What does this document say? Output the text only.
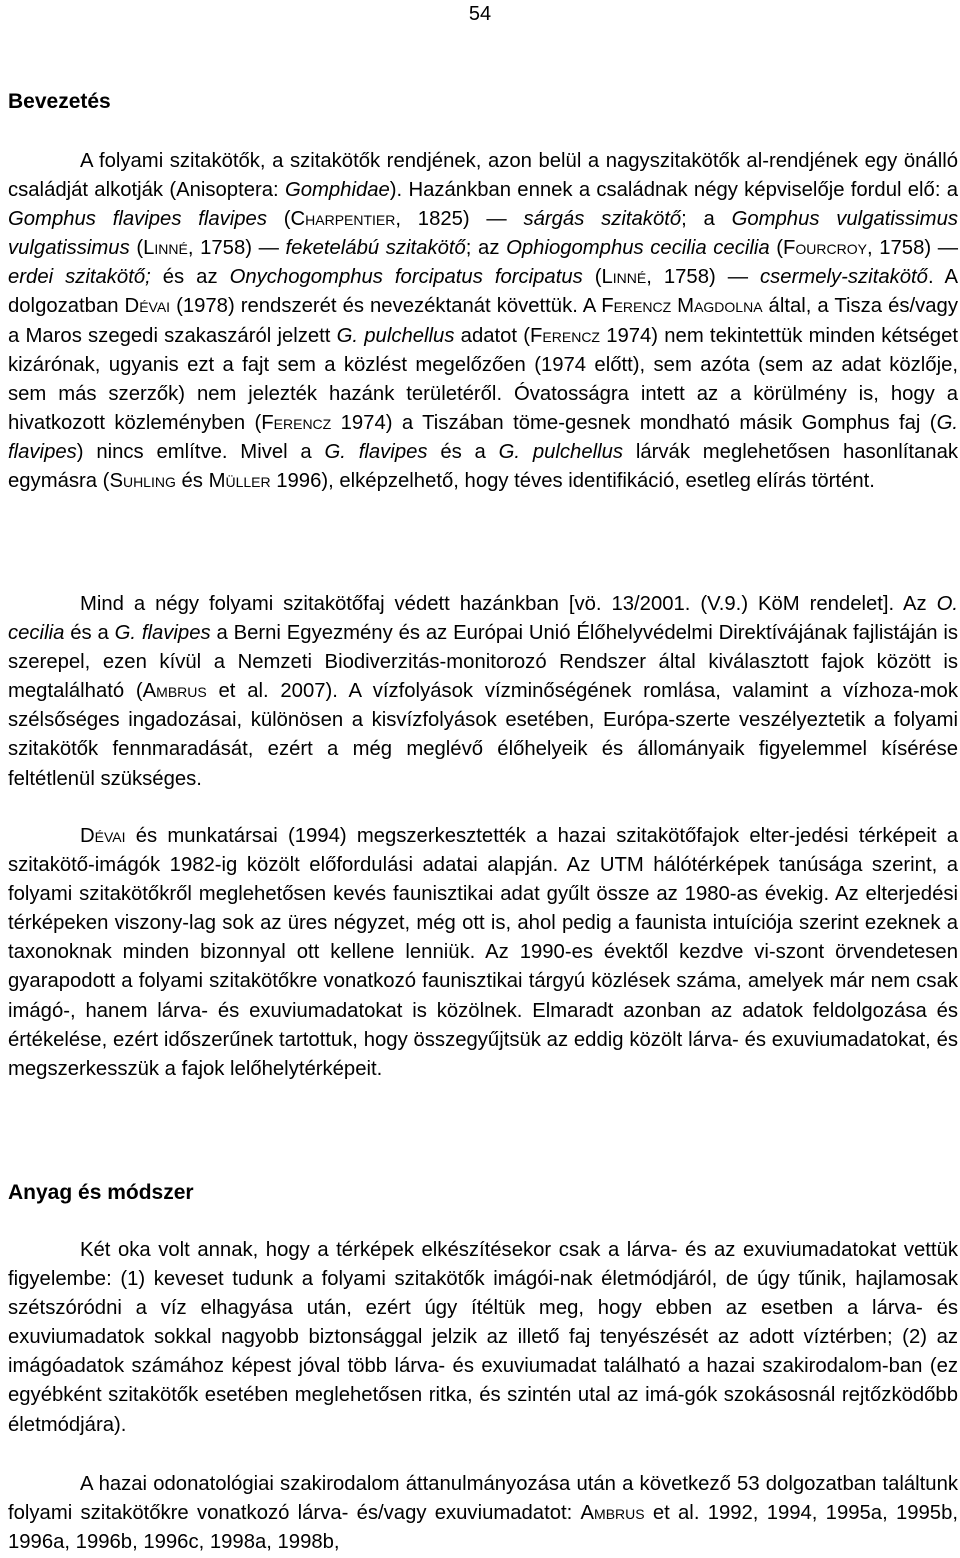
54
Bevezetés

A folyami szitakötők, a szitakötők rendjének, azon belül a nagyszitakötők al-rendjének egy önálló családját alkotják (Anisoptera: Gomphidae). Hazánkban ennek a családnak négy képviselője fordul elő: a Gomphus flavipes flavipes (Charpentier, 1825) — sárgás szitakötő; a Gomphus vulgatissimus vulgatissimus (Linné, 1758) — feketelábú szitakötő; az Ophiogomphus cecilia cecilia (Fourcroy, 1758) — erdei szitakötő; és az Onychogomphus forcipatus forcipatus (Linné, 1758) — csermely-szitakötő. A dolgozatban Dévai (1978) rendszerét és nevezéktanát követtük. A Ferencz Magdolna által, a Tisza és/vagy a Maros szegedi szakaszáról jelzett G. pulchellus adatot (Ferencz 1974) nem tekintettük minden kétséget kizárónak, ugyanis ezt a fajt sem a közlést megelőzően (1974 előtt), sem azóta (sem az adat közlője, sem más szerzők) nem jelezték hazánk területéről. Óvatosságra intett az a körülmény is, hogy a hivatkozott közleményben (Ferencz 1974) a Tiszában töme-gesnek mondható másik Gomphus faj (G. flavipes) nincs említve. Mivel a G. flavipes és a G. pulchellus lárvák meglehetősen hasonlítanak egymásra (Suhling és Müller 1996), elképzelhető, hogy téves identifikáció, esetleg elírás történt.

Mind a négy folyami szitakötőfaj védett hazánkban [vö. 13/2001. (V.9.) KöM rendelet]. Az O. cecilia és a G. flavipes a Berni Egyezmény és az Európai Unió Élőhelyvédelmi Direktívájának fajlistáján is szerepel, ezen kívül a Nemzeti Biodiverzitás-monitorozó Rendszer által kiválasztott fajok között is megtalálható (Ambrus et al. 2007). A vízfolyások vízminőségének romlása, valamint a vízhoza-mok szélsőséges ingadozásai, különösen a kisvízfolyások esetében, Európa-szerte veszélyeztetik a folyami szitakötők fennmaradását, ezért a még meglévő élőhelyeik és állományaik figyelemmel kísérése feltétlenül szükséges.

Dévai és munkatársai (1994) megszerkesztették a hazai szitakötőfajok elter-jedési térképeit a szitakötő-imágók 1982-ig közölt előfordulási adatai alapján. Az UTM hálótérképek tanúsága szerint, a folyami szitakötőkről meglehetősen kevés faunisztikai adat gyűlt össze az 1980-as évekig. Az elterjedési térképeken viszony-lag sok az üres négyzet, még ott is, ahol pedig a faunista intuíciója szerint ezeknek a taxonoknak minden bizonnyal ott kellene lenniük. Az 1990-es évektől kezdve vi-szont örvendetesen gyarapodott a folyami szitakötőkre vonatkozó faunisztikai tárgyú közlések száma, amelyek már nem csak imágó-, hanem lárva- és exuviumadatokat is közölnek. Elmaradt azonban az adatok feldolgozása és értékelése, ezért időszerűnek tartottuk, hogy összegyűjtsük az eddig közölt lárva- és exuviumadatokat, és megszerkesszük a fajok lelőhelytérképeit.

Anyag és módszer

Két oka volt annak, hogy a térképek elkészítésekor csak a lárva- és az exuviumadatokat vettük figyelembe: (1) keveset tudunk a folyami szitakötők imágói-nak életmódjáról, de úgy tűnik, hajlamosak szétszóródni a víz elhagyása után, ezért úgy ítéltük meg, hogy ebben az esetben a lárva- és exuviumadatok sokkal nagyobb biztonsággal jelzik az illető faj tenyészését az adott víztérben; (2) az imágóadatok számához képest jóval több lárva- és exuviumadat található a hazai szakirodalom-ban (ez egyébként szitakötők esetében meglehetősen ritka, és szintén utal az imá-gók szokásosnál rejtőzködőbb életmódjára).

A hazai odonatológiai szakirodalom áttanulmányozása után a következő 53 dolgozatban találtunk folyami szitakötőkre vonatkozó lárva- és/vagy exuviumadatot: Ambrus et al. 1992, 1994, 1995a, 1995b, 1996a, 1996b, 1996c, 1998a, 1998b,
